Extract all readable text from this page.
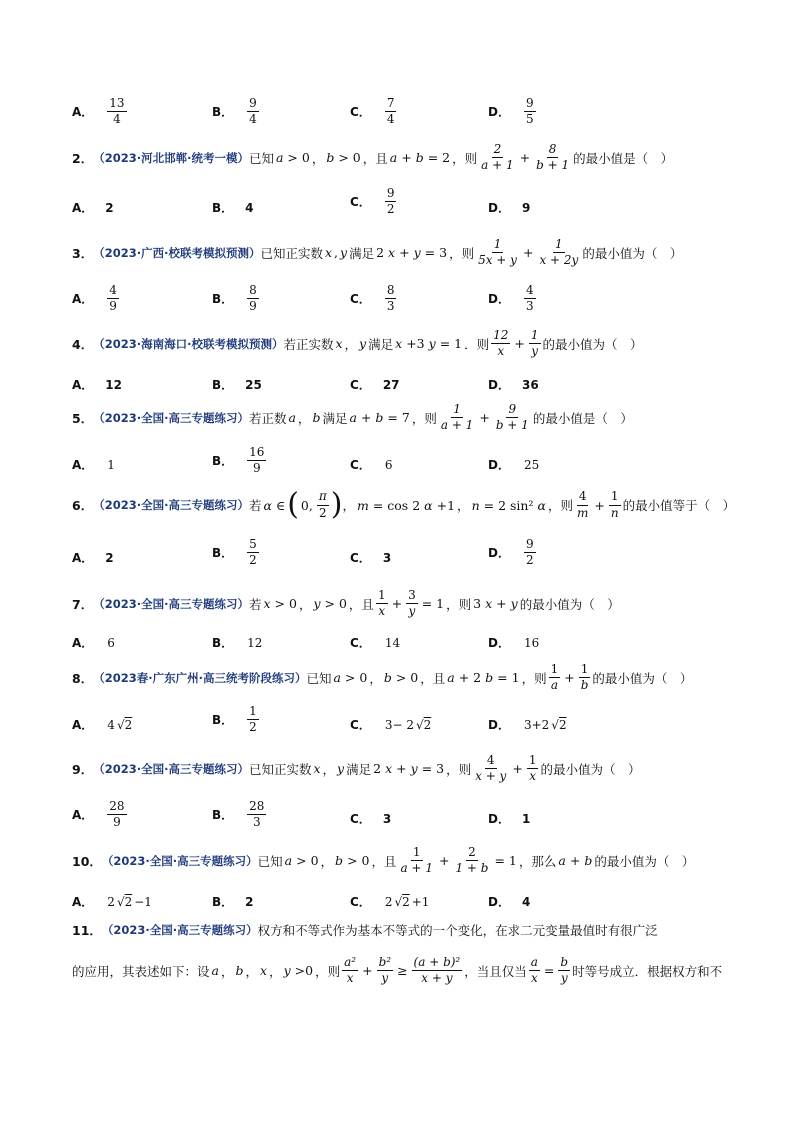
A． $\frac{13}{4}$	B． $\frac{9}{4}$	C． $\frac{7}{4}$	D． $\frac{9}{5}$
2． （2023·河北邯郸·统考一模） 已知 a > 0 ， b > 0 ，且 a + b = 2 ，则 $\frac{2}{a + 1} + \frac{8}{b + 1}$ 的最小值是（　）
A． 2	B． 4	C． $\frac{9}{2}$	D． 9
3． （2023·广西·校联考模拟预测） 已知正实数 x , y 满足 2 x + y = 3 ，则 $\frac{1}{5x + y} + \frac{1}{x + 2y}$ 的最小值为（　）
A． $\frac{4}{9}$	B． $\frac{8}{9}$	C． $\frac{8}{3}$	D． $\frac{4}{3}$
4． （2023·海南海口·校联考模拟预测） 若正实数 x ， y 满足 x +3 y = 1 ．则 $\frac{12}{x} + \frac{1}{y}$ 的最小值为（　）
A． 12	B． 25	C． 27	D． 36
5． （2023·全国·高三专题练习） 若正数 a ， b 满足 a + b = 7 ，则 $\frac{1}{a + 1} + \frac{9}{b + 1}$ 的最小值是（　）
A． 1	B． $\frac{16}{9}$	C． 6	D． 25
6． （2023·全国·高三专题练习） 若 α ∈ ( 0, $\frac{\pi}{2}$ ) ， m = cos 2 α +1 ， n = 2 sin² α ，则 $\frac{4}{m} + \frac{1}{n}$ 的最小值等于（　）
A． 2	B． $\frac{5}{2}$	C． 3	D． $\frac{9}{2}$
7． （2023·全国·高三专题练习） 若 x > 0 ， y > 0 ，且 $\frac{1}{x} + \frac{3}{y} = 1$ ，则 3 x + y 的最小值为（　）
A． 6	B． 12	C． 14	D． 16
8． （2023春·广东广州·高三统考阶段练习） 已知 a > 0 ， b > 0 ，且 a + 2 b = 1 ，则 $\frac{1}{a} + \frac{1}{b}$ 的最小值为（　）
A． 4 √ 2	B． $\frac{1}{2}$	C． 3− 2 √ 2	D． 3+2 √ 2
9． （2023·全国·高三专题练习） 已知正实数 x ， y 满足 2 x + y = 3 ，则 $\frac{4}{x + y} + \frac{1}{x}$ 的最小值为（　）
A． $\frac{28}{9}$	B． $\frac{28}{3}$	C． 3	D． 1
10． （2023·全国·高三专题练习） 已知 a > 0 ， b > 0 ，且 $\frac{1}{a + 1} + \frac{2}{1 + b} = 1$ ，那么 a + b 的最小值为（　）
A． 2 √ 2 −1	B． 2	C． 2 √ 2 +1	D． 4
11． （2023·全国·高三专题练习） 权方和不等式作为基本不等式的一个变化，在求二元变量最值时有很广泛
的应用，其表述如下：设 a ， b ， x ， y >0 ，则 $\frac{\text{a²}}{x} + \frac{\text{b²}}{y} \ge \frac{\text{(a + b)²}}{x + y}$ ，当且仅当 $\frac{a}{x} = \frac{b}{y}$ 时等号成立．根据权方和不
